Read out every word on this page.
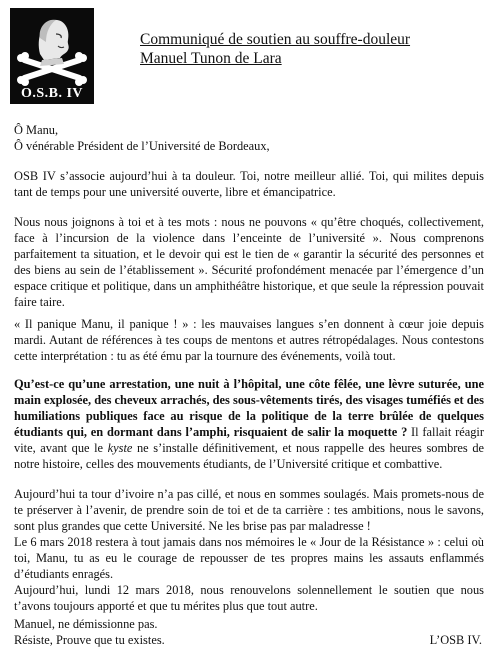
O.S.B. IV
Communiqué de soutien au souffre-douleur
Manuel Tunon de Lara

Ô Manu,

Ô vénérable Président de l’Université de Bordeaux,

OSB IV s’associe aujourd’hui à ta douleur. Toi, notre meilleur allié. Toi, qui milites depuis tant de temps pour une université ouverte, libre et émancipatrice.

Nous nous joignons à toi et à tes mots : nous ne pouvons « qu’être choqués, collectivement, face à l’incursion de la violence dans l’enceinte de l’université ». Nous comprenons parfaitement ta situation, et le devoir qui est le tien de « garantir la sécurité des personnes et des biens au sein de l’établissement ». Sécurité profondément menacée par l’émergence d’un espace critique et politique, dans un amphithéâtre historique, et que seule la répression pouvait faire taire.

« Il panique Manu, il panique ! » : les mauvaises langues s’en donnent à cœur joie depuis mardi. Autant de références à tes coups de mentons et autres rétropédalages. Nous contestons cette interprétation : tu as été ému par la tournure des événements, voilà tout.

Qu’est-ce qu’une arrestation, une nuit à l’hôpital, une côte fêlée, une lèvre suturée, une main explosée, des cheveux arrachés, des sous-vêtements tirés, des visages tuméfiés et des humiliations publiques face au risque de la politique de la terre brûlée de quelques étudiants qui, en dormant dans l’amphi, risquaient de salir la moquette ? Il fallait réagir vite, avant que le kyste ne s’installe définitivement, et nous rappelle des heures sombres de notre histoire, celles des mouvements étudiants, de l’Université critique et combattive.

Aujourd’hui ta tour d’ivoire n’a pas cillé, et nous en sommes soulagés. Mais promets-nous de te préserver à l’avenir, de prendre soin de toi et de ta carrière : tes ambitions, nous le savons, sont plus grandes que cette Université. Ne les brise pas par maladresse !

Le 6 mars 2018 restera à tout jamais dans nos mémoires le « Jour de la Résistance » : celui où toi, Manu, tu as eu le courage de repousser de tes propres mains les assauts enflammés d’étudiants enragés.

Aujourd’hui, lundi 12 mars 2018, nous renouvelons solennellement le soutien que nous t’avons toujours apporté et que tu mérites plus que tout autre.

Manuel, ne démissionne pas.
Résiste, Prouve que tu existes.	L’OSB IV.
